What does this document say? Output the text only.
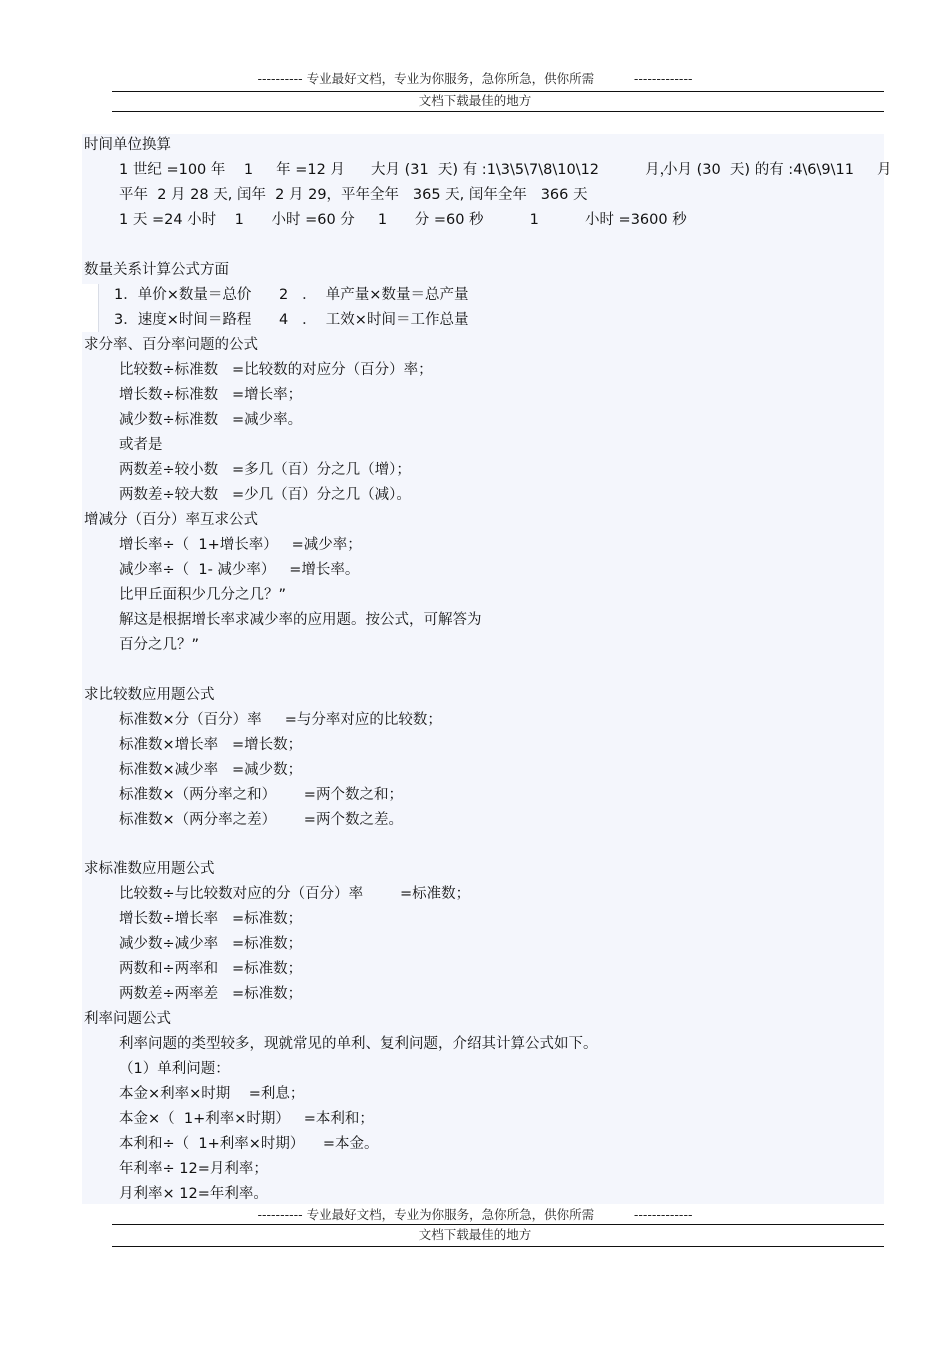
---------- 专业最好文档，专业为你服务，急你所急，供你所需          -------------
文档下载最佳的地方
时间单位换算
1 世纪 =100 年    1     年 =12 月 大月 (31  天) 有 :1\3\5\7\8\10\12          月，
小月 (30  天) 的有 :4\6\9\11     月
平年  2 月 28 天, 闰年  2 月 29，平年全年   365 天, 闰年全年   366 天
1 天 =24 小时    1      小时 =60 分     1      分 =60 秒          1          小时 =3600 秒
数量关系计算公式方面
1．单价×数量＝总价      2   ．  单产量×数量＝总产量
3．速度×时间＝路程      4   ．  工效×时间＝工作总量
求分率、百分率问题的公式
比较数÷标准数   =比较数的对应分（百分）率；
增长数÷标准数   =增长率；
减少数÷标准数   =减少率。
或者是
两数差÷较小数   =多几（百）分之几（增）；
两数差÷较大数   =少几（百）分之几（减）。
增减分（百分）率互求公式
增长率÷（  1+增长率）   =减少率；
减少率÷（  1- 减少率）   =增长率。
比甲丘面积少几分之几？”
解这是根据增长率求减少率的应用题。按公式，可解答为
百分之几？”
求比较数应用题公式
标准数×分（百分）率     =与分率对应的比较数；
标准数×增长率   =增长数；
标准数×减少率   =减少数；
标准数×（两分率之和）      =两个数之和；
标准数×（两分率之差）      =两个数之差。
求标准数应用题公式
比较数÷与比较数对应的分（百分）率        =标准数；
增长数÷增长率   =标准数；
减少数÷减少率   =标准数；
两数和÷两率和   =标准数；
两数差÷两率差   =标准数；
利率问题公式
利率问题的类型较多，现就常见的单利、复利问题，介绍其计算公式如下。
（1）单利问题：
本金×利率×时期    =利息；
本金×（  1+利率×时期）   =本利和；
本利和÷（  1+利率×时期）    =本金。
年利率÷ 12=月利率；
月利率× 12=年利率。
---------- 专业最好文档，专业为你服务，急你所急，供你所需          -------------
文档下载最佳的地方
